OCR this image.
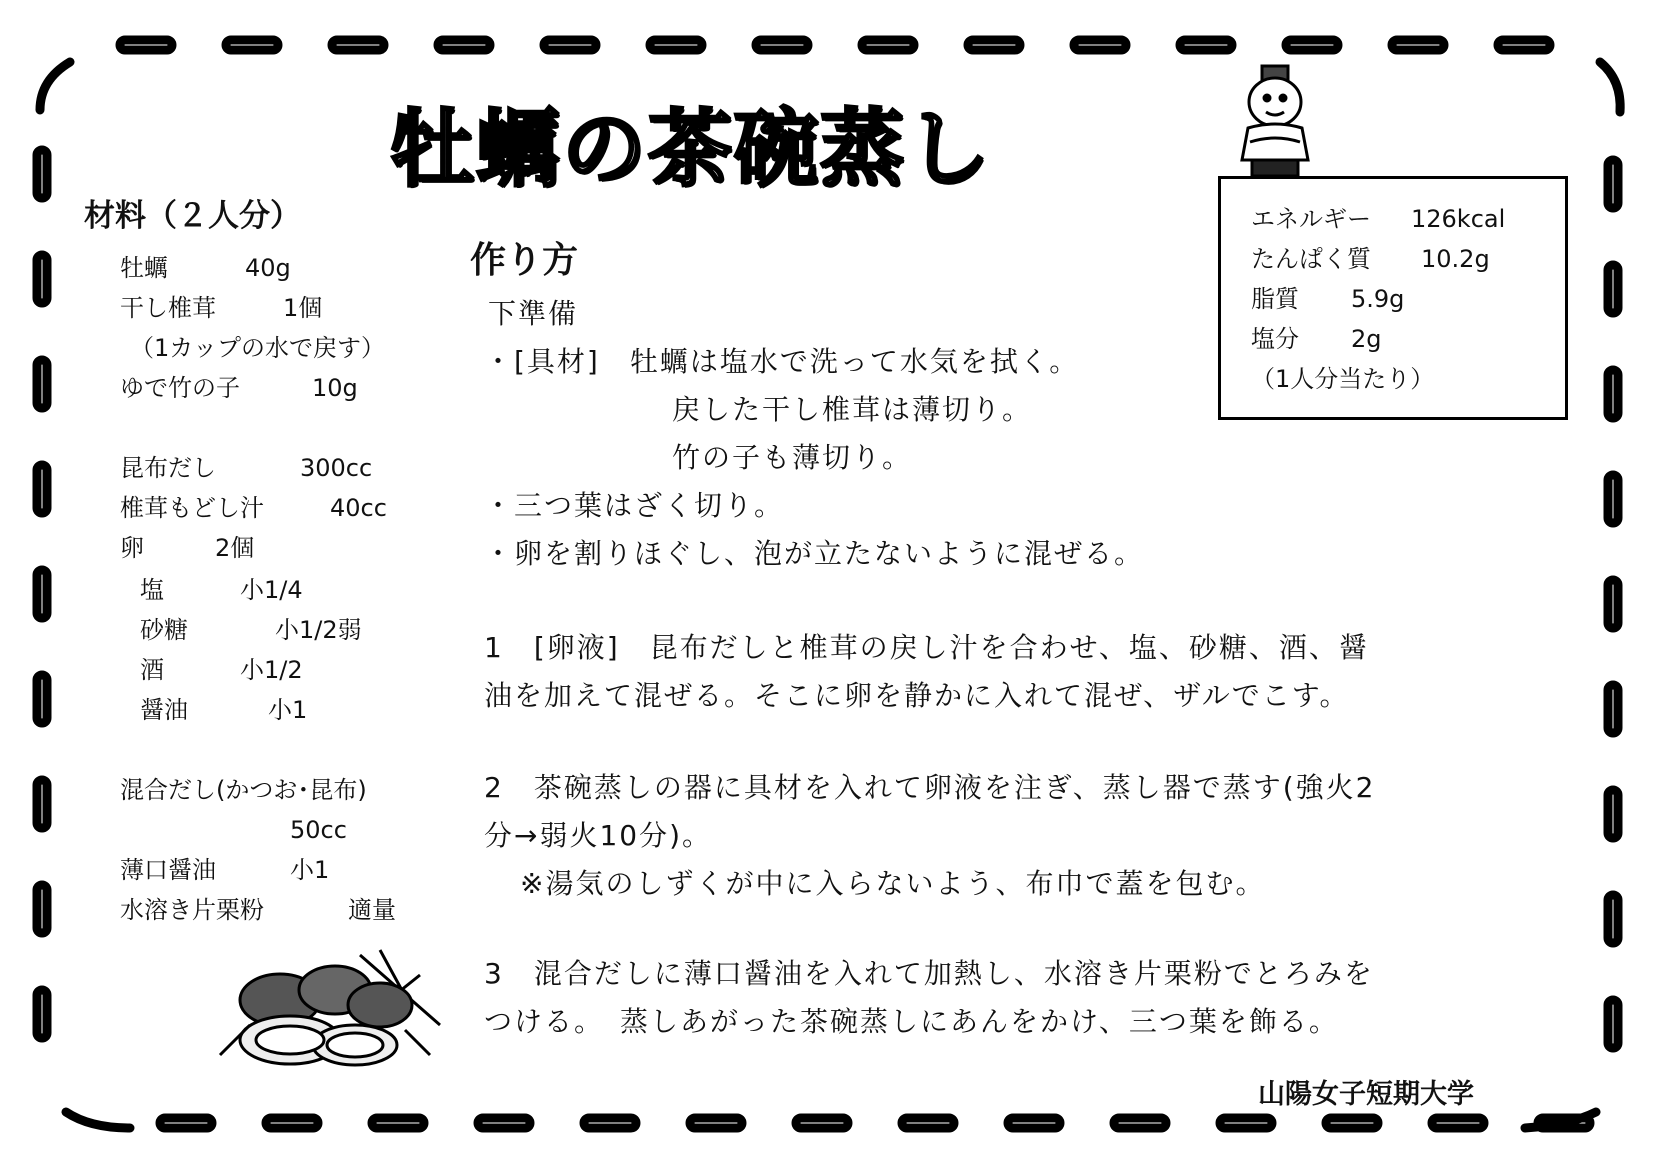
牡蠣の茶碗蒸し
材料（２人分）
牡蠣	40g
干し椎茸	1個
（1カップの水で戻す）
ゆで竹の子	10g
昆布だし	300cc
椎茸もどし汁	40cc
卵	2個
塩	小1/4
砂糖	小1/2弱
酒	小1/2
醤油	小1
混合だし(かつお･昆布)
50cc
薄口醤油	小1
水溶き片栗粉	適量
作り方
下準備
・[具材]　牡蠣は塩水で洗って水気を拭く。
戻した干し椎茸は薄切り。
竹の子も薄切り。
・三つ葉はざく切り。
・卵を割りほぐし、泡が立たないように混ぜる。
1　[卵液]　昆布だしと椎茸の戻し汁を合わせ、塩、砂糖、酒、醤
油を加えて混ぜる。そこに卵を静かに入れて混ぜ、ザルでこす。
2　茶碗蒸しの器に具材を入れて卵液を注ぎ、蒸し器で蒸す(強火2
分→弱火10分)。
※湯気のしずくが中に入らないよう、布巾で蓋を包む。
3　混合だしに薄口醤油を入れて加熱し、水溶き片栗粉でとろみを
つける。　蒸しあがった茶碗蒸しにあんをかけ、三つ葉を飾る。
エネルギー 126kcal
たんぱく質 10.2g
脂質 5.9g
塩分 2g
（1人分当たり）
山陽女子短期大学
